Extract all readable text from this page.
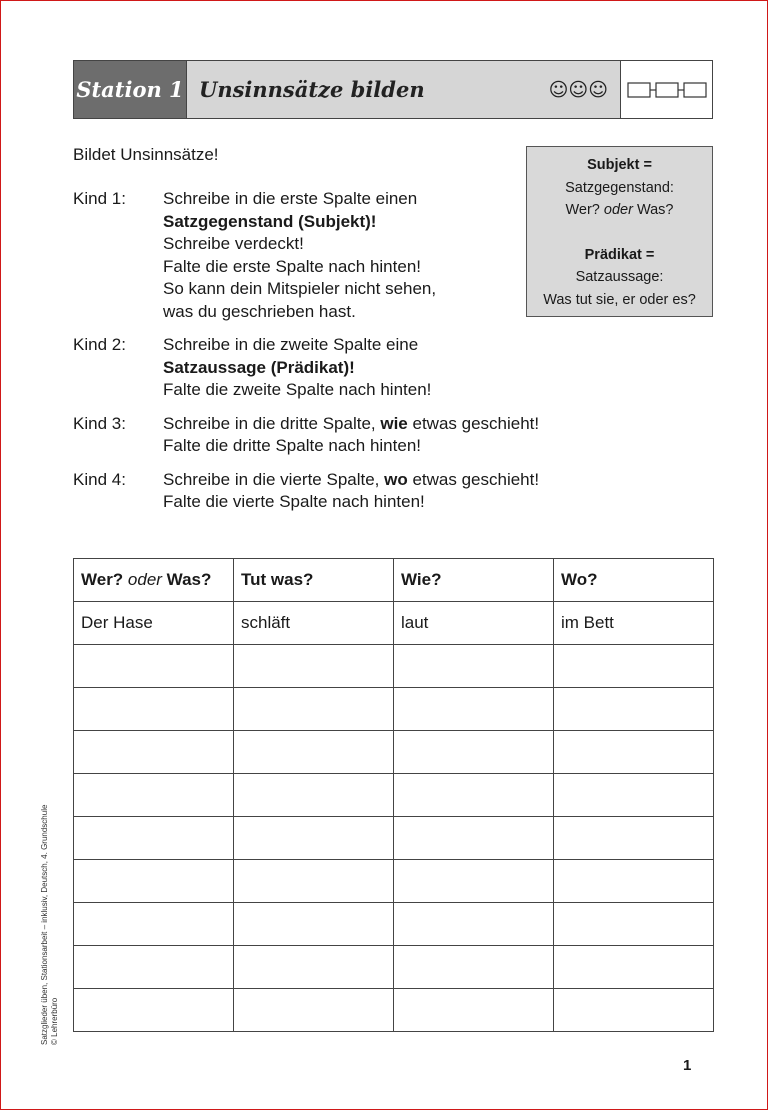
Station 1 Unsinnsätze bilden	☺☺☺
Bildet Unsinnsätze!
Kind 1:	Schreibe in die erste Spalte einen
Satzgegenstand (Subjekt)!
Schreibe verdeckt!
Falte die erste Spalte nach hinten!
So kann dein Mitspieler nicht sehen,
was du geschrieben hast.
Kind 2:	Schreibe in die zweite Spalte eine
Satzaussage (Prädikat)!
Falte die zweite Spalte nach hinten!
Kind 3:	Schreibe in die dritte Spalte, wie etwas geschieht!
Falte die dritte Spalte nach hinten!
Kind 4:	Schreibe in die vierte Spalte, wo etwas geschieht!
Falte die vierte Spalte nach hinten!
Subjekt =
Satzgegenstand:
Wer? oder Was?
Prädikat =
Satzaussage:
Was tut sie, er oder es?
Wer? oder Was?	Tut was?	Wie?	Wo?
Der Hase	schläft	laut	im Bett

Satzglieder üben, Stationsarbeit – inklusiv, Deutsch, 4. Grundschule © Lehrerbüro
1
